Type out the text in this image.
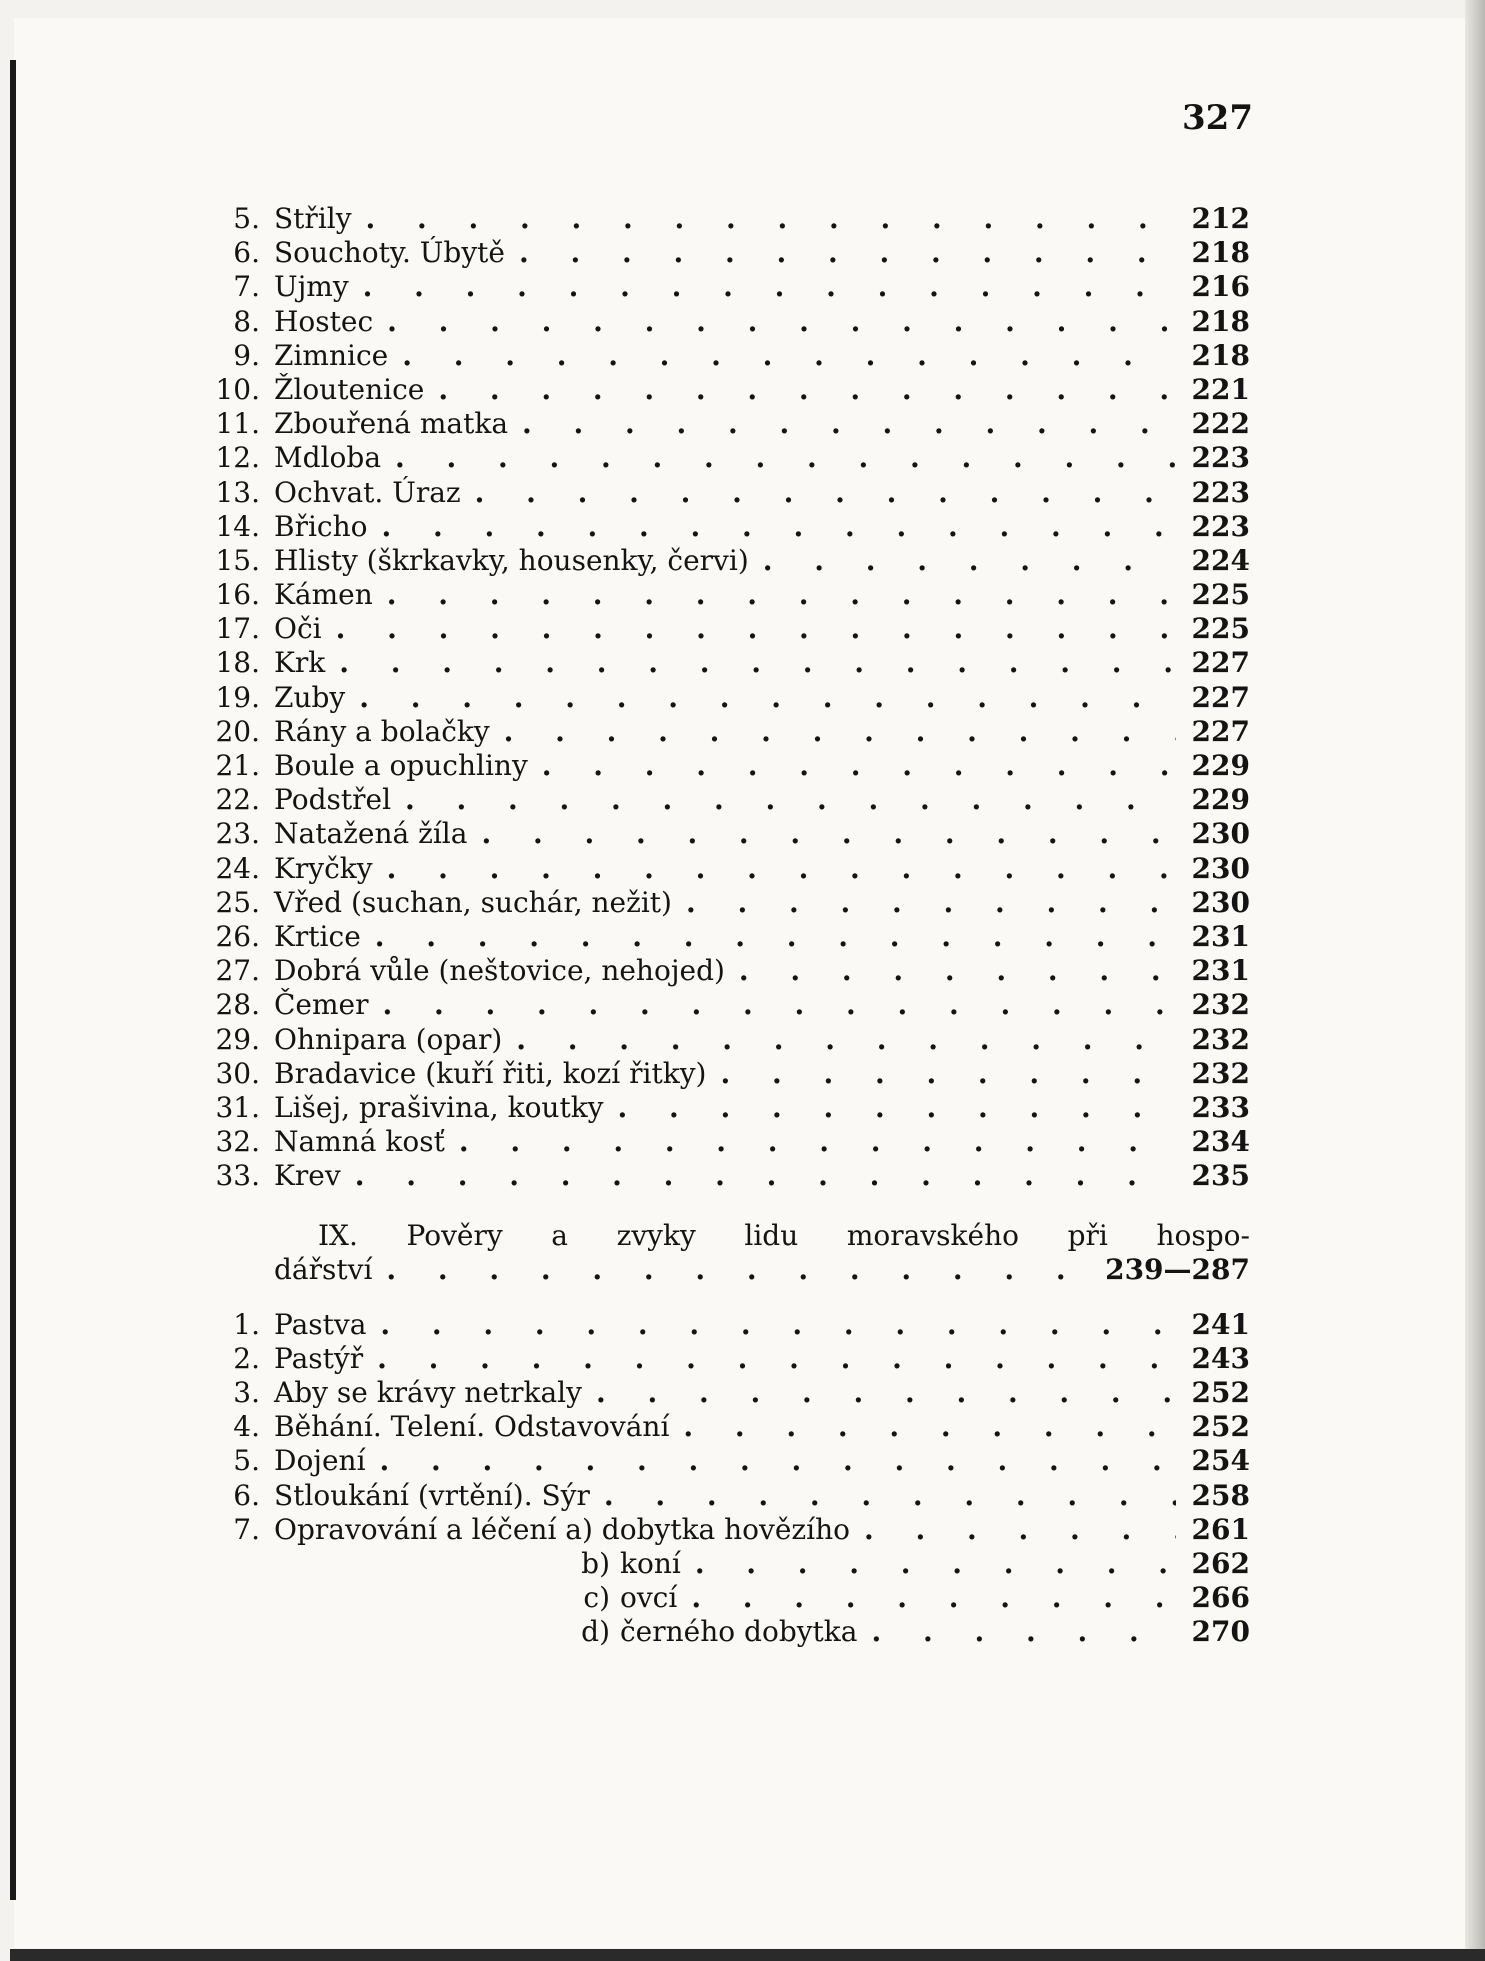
327
5. Střily . . .	212
6. Souchoty. Úbytě . . .	218
7. Ujmy . . .	216
8. Hostec . . .	218
9. Zimnice . . .	218
10. Žloutenice . . .	221
11. Zbouřená matka . . .	222
12. Mdloba . . .	223
13. Ochvat. Úraz . . .	223
14. Břicho . . .	223
15. Hlisty (škrkavky, housenky, červi) . . .	224
16. Kámen . . .	225
17. Oči . . .	225
18. Krk . . .	227
19. Zuby . . .	227
20. Rány a bolačky . . .	227
21. Boule a opuchliny . . .	229
22. Podstřel . . .	229
23. Natažená žíla . . .	230
24. Kryčky . . .	230
25. Vřed (suchan, suchár, nežit) . . .	230
26. Krtice . . .	231
27. Dobrá vůle (neštovice, nehojed) . . .	231
28. Čemer . . .	232
29. Ohnipara (opar) . . .	232
30. Bradavice (kuří řiti, kozí řitky) . . .	232
31. Lišej, prašivina, koutky . . .	233
32. Namná kosť . . .	234
33. Krev . . .	235
IX. Pověry a zvyky lidu moravského při hospo-
dářství . . .	239—287
1. Pastva . . .	241
2. Pastýř . . .	243
3. Aby se krávy netrkaly . . .	252
4. Běhání. Telení. Odstavování . . .	252
5. Dojení . . .	254
6. Stloukání (vrtění). Sýr . . .	258
7. Opravování a léčení a) dobytka hovězího . . .	261
b) koní . . .	262
c) ovcí . . .	266
d) černého dobytka . . .	270
